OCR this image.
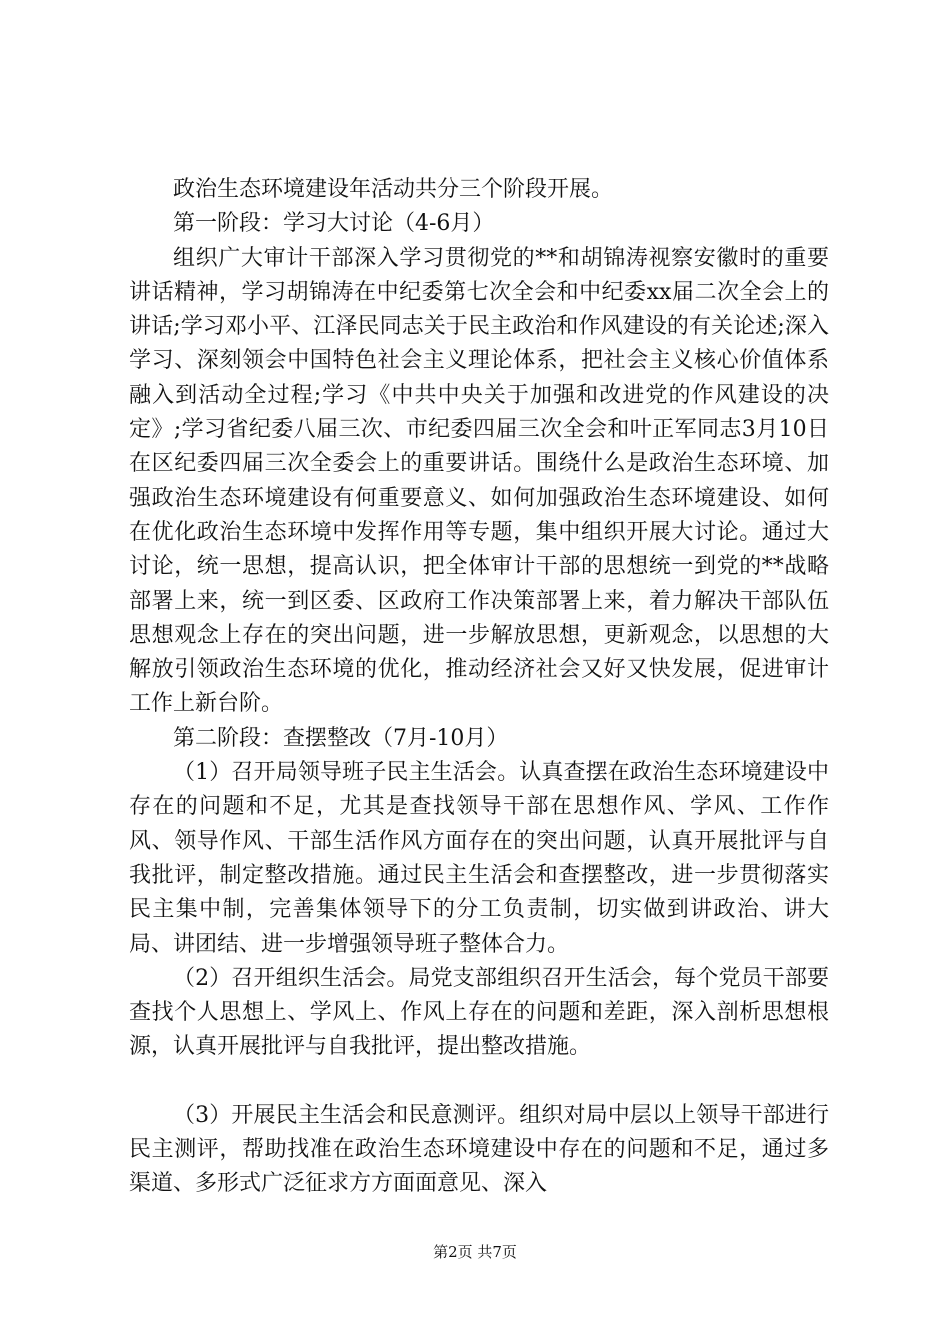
政治生态环境建设年活动共分三个阶段开展。

第一阶段：学习大讨论（4-6月）

组织广大审计干部深入学习贯彻党的**和胡锦涛视察安徽时的重要讲话精神，学习胡锦涛在中纪委第七次全会和中纪委xx届二次全会上的讲话;学习邓小平、江泽民同志关于民主政治和作风建设的有关论述;深入学习、深刻领会中国特色社会主义理论体系，把社会主义核心价值体系融入到活动全过程;学习《中共中央关于加强和改进党的作风建设的决定》;学习省纪委八届三次、市纪委四届三次全会和叶正军同志3月10日在区纪委四届三次全委会上的重要讲话。围绕什么是政治生态环境、加强政治生态环境建设有何重要意义、如何加强政治生态环境建设、如何在优化政治生态环境中发挥作用等专题，集中组织开展大讨论。通过大讨论，统一思想，提高认识，把全体审计干部的思想统一到党的**战略部署上来，统一到区委、区政府工作决策部署上来，着力解决干部队伍思想观念上存在的突出问题，进一步解放思想，更新观念，以思想的大解放引领政治生态环境的优化，推动经济社会又好又快发展，促进审计工作上新台阶。

第二阶段：查摆整改（7月-10月）

（1）召开局领导班子民主生活会。认真查摆在政治生态环境建设中存在的问题和不足，尤其是查找领导干部在思想作风、学风、工作作风、领导作风、干部生活作风方面存在的突出问题，认真开展批评与自我批评，制定整改措施。通过民主生活会和查摆整改，进一步贯彻落实民主集中制，完善集体领导下的分工负责制，切实做到讲政治、讲大局、讲团结、进一步增强领导班子整体合力。

（2）召开组织生活会。局党支部组织召开生活会，每个党员干部要查找个人思想上、学风上、作风上存在的问题和差距，深入剖析思想根源，认真开展批评与自我批评，提出整改措施。

（3）开展民主生活会和民意测评。组织对局中层以上领导干部进行民主测评，帮助找准在政治生态环境建设中存在的问题和不足，通过多渠道、多形式广泛征求方方面面意见、深入

第2页 共7页
